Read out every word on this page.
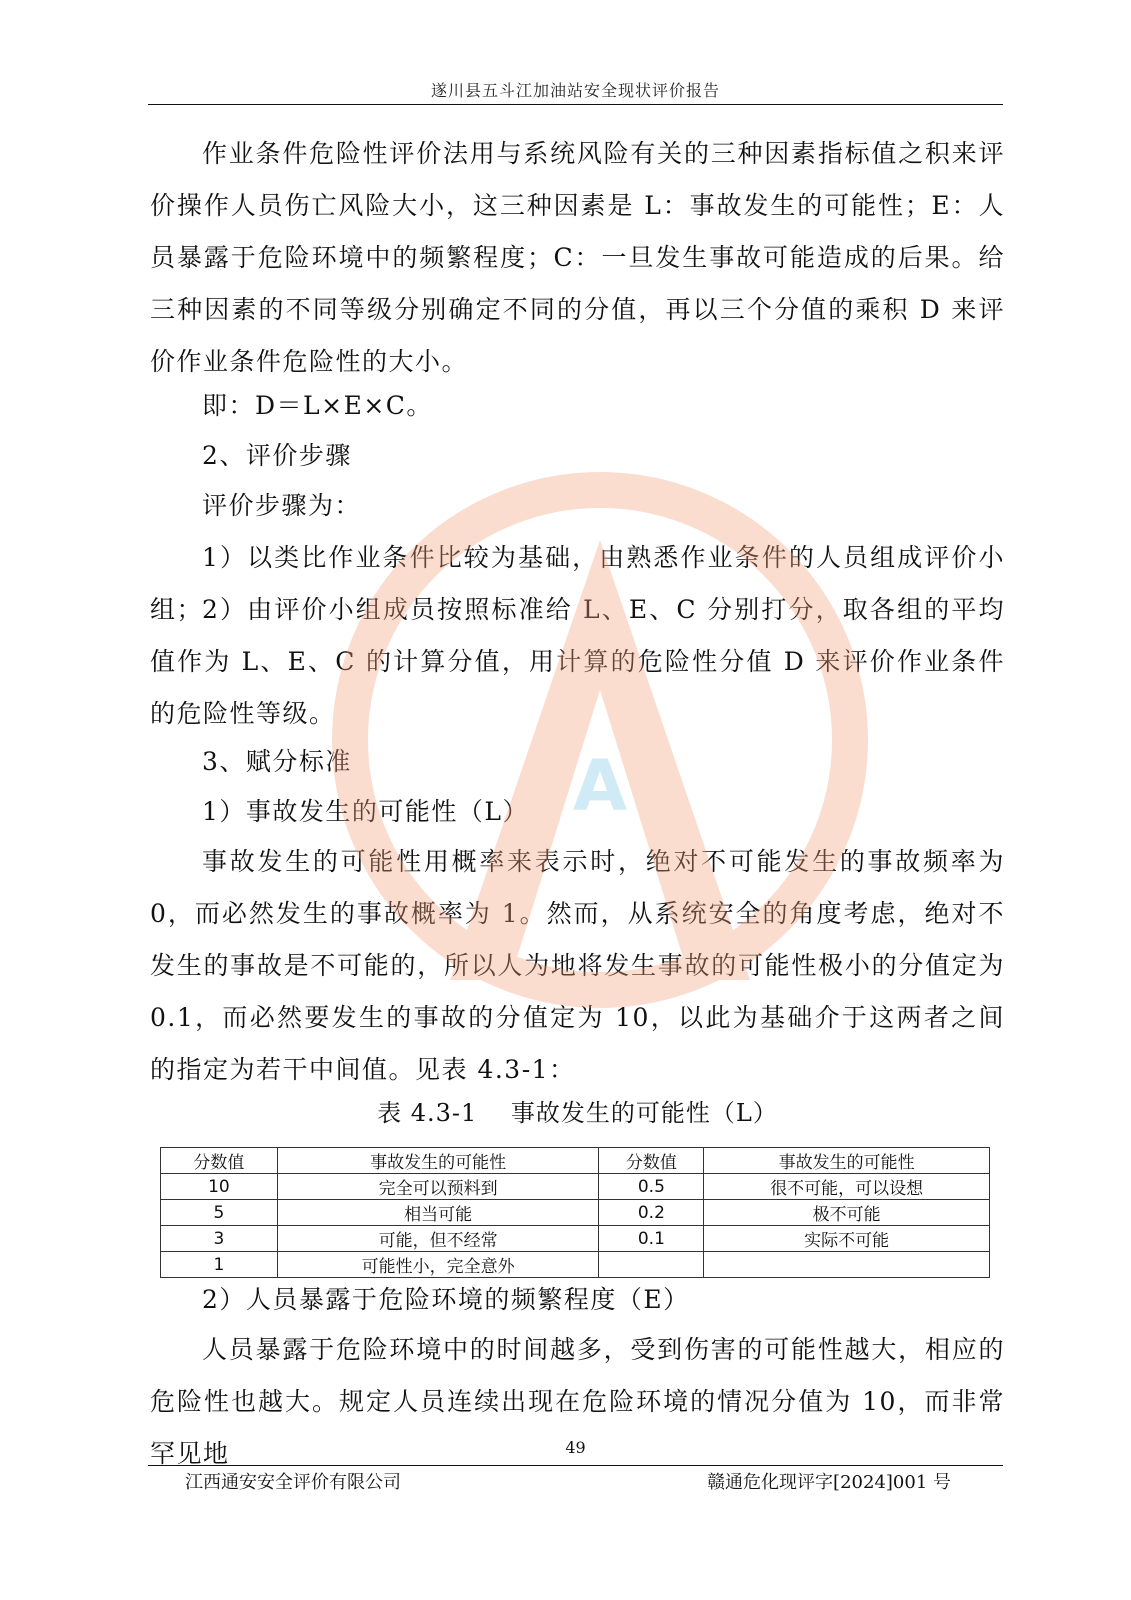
遂川县五斗江加油站安全现状评价报告

作业条件危险性评价法用与系统风险有关的三种因素指标值之积来评价操作人员伤亡风险大小，这三种因素是 L：事故发生的可能性；E：人员暴露于危险环境中的频繁程度；C：一旦发生事故可能造成的后果。给三种因素的不同等级分别确定不同的分值，再以三个分值的乘积 D 来评价作业条件危险性的大小。

即：D＝L×E×C。

2、评价步骤

评价步骤为：

1）以类比作业条件比较为基础，由熟悉作业条件的人员组成评价小组；

2）由评价小组成员按照标准给 L、E、C 分别打分，取各组的平均值作为 L、E、C 的计算分值，用计算的危险性分值 D 来评价作业条件的危险性等级。

3、赋分标准

1）事故发生的可能性（L）

事故发生的可能性用概率来表示时，绝对不可能发生的事故频率为 0，而必然发生的事故概率为 1。然而，从系统安全的角度考虑，绝对不发生的事故是不可能的，所以人为地将发生事故的可能性极小的分值定为 0.1，而必然要发生的事故的分值定为 10，以此为基础介于这两者之间的指定为若干中间值。见表 4.3-1：

表 4.3-1　 事故发生的可能性（L）
分数值	事故发生的可能性	分数值	事故发生的可能性
10	完全可以预料到	0.5	很不可能，可以设想
5	相当可能	0.2	极不可能
3	可能，但不经常	0.1	实际不可能
1	可能性小，完全意外		

2）人员暴露于危险环境的频繁程度（E）

人员暴露于危险环境中的时间越多，受到伤害的可能性越大，相应的危险性也越大。规定人员连续出现在危险环境的情况分值为 10，而非常罕见地	49
江西通安安全评价有限公司	赣通危化现评字[2024]001 号
A
